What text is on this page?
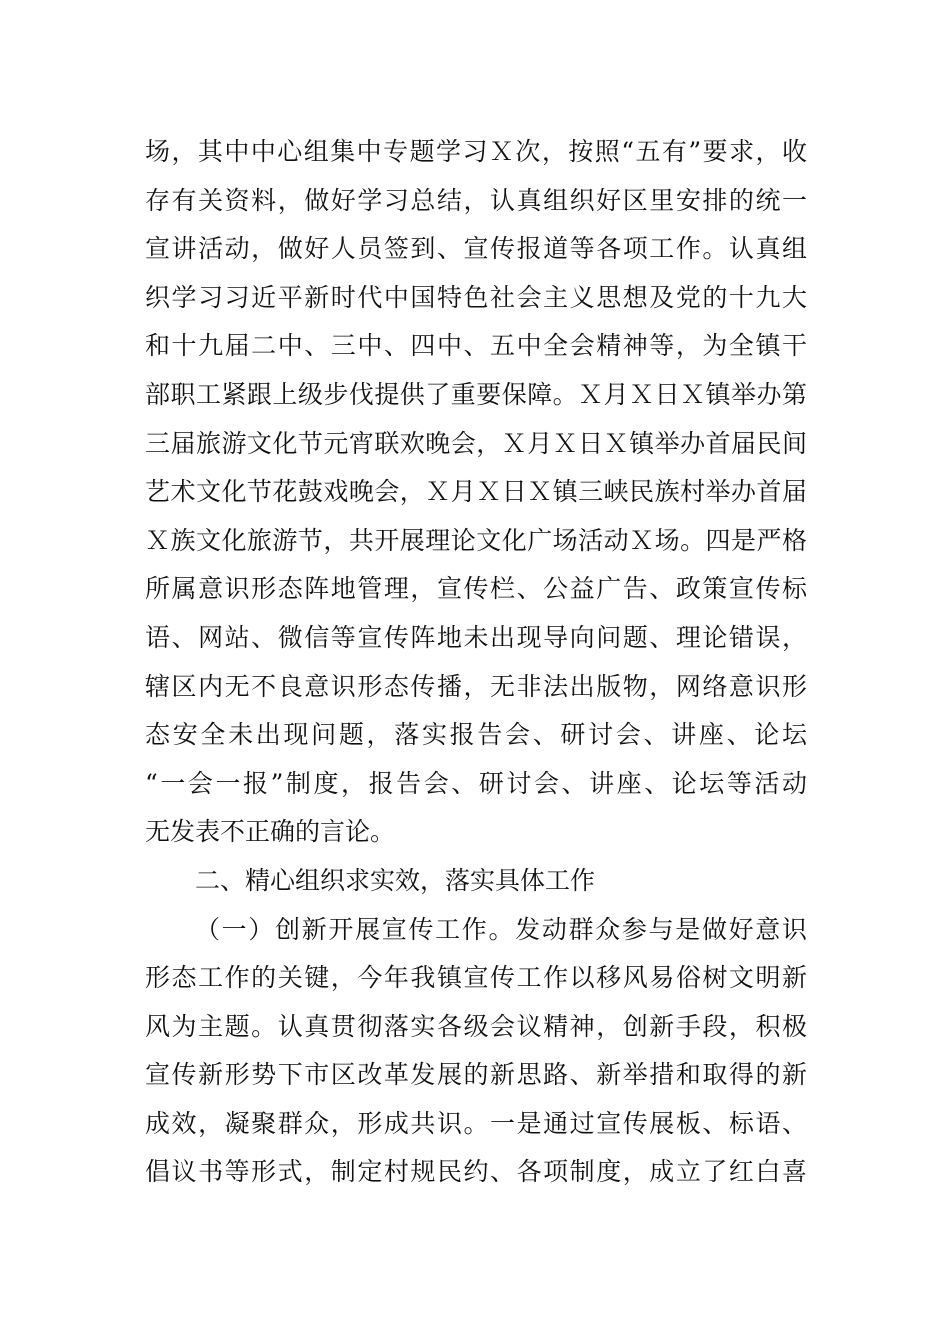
场，其中中心组集中专题学习Ｘ次，按照“五有”要求，收
存有关资料，做好学习总结，认真组织好区里安排的统一
宣讲活动，做好人员签到、宣传报道等各项工作。认真组
织学习习近平新时代中国特色社会主义思想及党的十九大
和十九届二中、三中、四中、五中全会精神等，为全镇干
部职工紧跟上级步伐提供了重要保障。Ｘ月Ｘ日Ｘ镇举办第
三届旅游文化节元宵联欢晚会，Ｘ月Ｘ日Ｘ镇举办首届民间
艺术文化节花鼓戏晚会，Ｘ月Ｘ日Ｘ镇三峡民族村举办首届
Ｘ族文化旅游节，共开展理论文化广场活动Ｘ场。四是严格
所属意识形态阵地管理，宣传栏、公益广告、政策宣传标
语、网站、微信等宣传阵地未出现导向问题、理论错误，
辖区内无不良意识形态传播，无非法出版物，网络意识形
态安全未出现问题，落实报告会、研讨会、讲座、论坛
“一会一报”制度，报告会、研讨会、讲座、论坛等活动
无发表不正确的言论。
二、精心组织求实效，落实具体工作
（一）创新开展宣传工作。发动群众参与是做好意识
形态工作的关键，今年我镇宣传工作以移风易俗树文明新
风为主题。认真贯彻落实各级会议精神，创新手段，积极
宣传新形势下市区改革发展的新思路、新举措和取得的新
成效，凝聚群众，形成共识。一是通过宣传展板、标语、
倡议书等形式，制定村规民约、各项制度，成立了红白喜
